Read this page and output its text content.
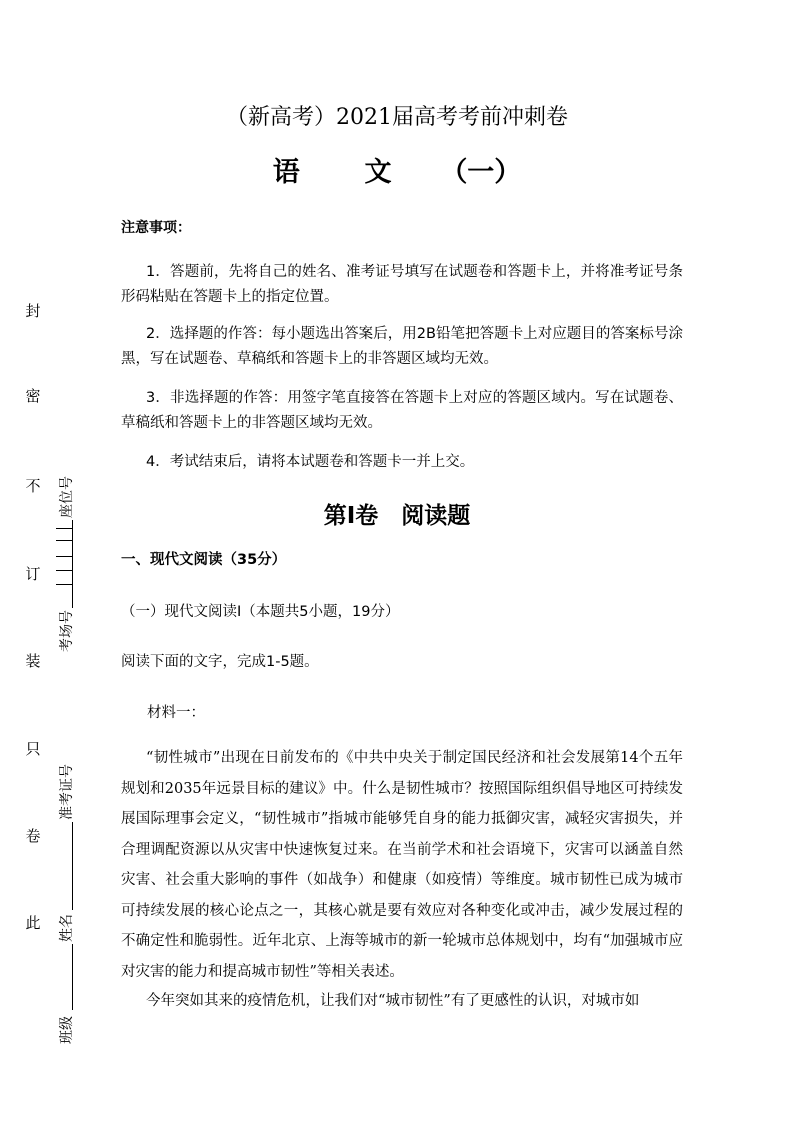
（新高考）2021届高考考前冲刺卷
语 文 （一）
注意事项：
1．答题前，先将自己的姓名、准考证号填写在试题卷和答题卡上，并将准考证号条形码粘贴在答题卡上的指定位置。
2．选择题的作答：每小题选出答案后，用2B铅笔把答题卡上对应题目的答案标号涂黑，写在试题卷、草稿纸和答题卡上的非答题区域均无效。
3．非选择题的作答：用签字笔直接答在答题卡上对应的答题区域内。写在试题卷、草稿纸和答题卡上的非答题区域均无效。
4．考试结束后，请将本试题卷和答题卡一并上交。
第Ⅰ卷　阅读题
一、现代文阅读（35分）
（一）现代文阅读Ⅰ（本题共5小题，19分）
阅读下面的文字，完成1-5题。
材料一：
“韧性城市”出现在日前发布的《中共中央关于制定国民经济和社会发展第14个五年规划和2035年远景目标的建议》中。什么是韧性城市？按照国际组织倡导地区可持续发展国际理事会定义，“韧性城市”指城市能够凭自身的能力抵御灾害，减轻灾害损失，并合理调配资源以从灾害中快速恢复过来。在当前学术和社会语境下，灾害可以涵盖自然灾害、社会重大影响的事件（如战争）和健康（如疫情）等维度。城市韧性已成为城市可持续发展的核心论点之一，其核心就是要有效应对各种变化或冲击，减少发展过程的不确定性和脆弱性。近年北京、上海等城市的新一轮城市总体规划中，均有“加强城市应对灾害的能力和提高城市韧性”等相关表述。
今年突如其来的疫情危机，让我们对“城市韧性”有了更感性的认识，对城市如
封
密
不
订
装
只
卷
此
座位号
考场号
准考证号
姓名
班级
